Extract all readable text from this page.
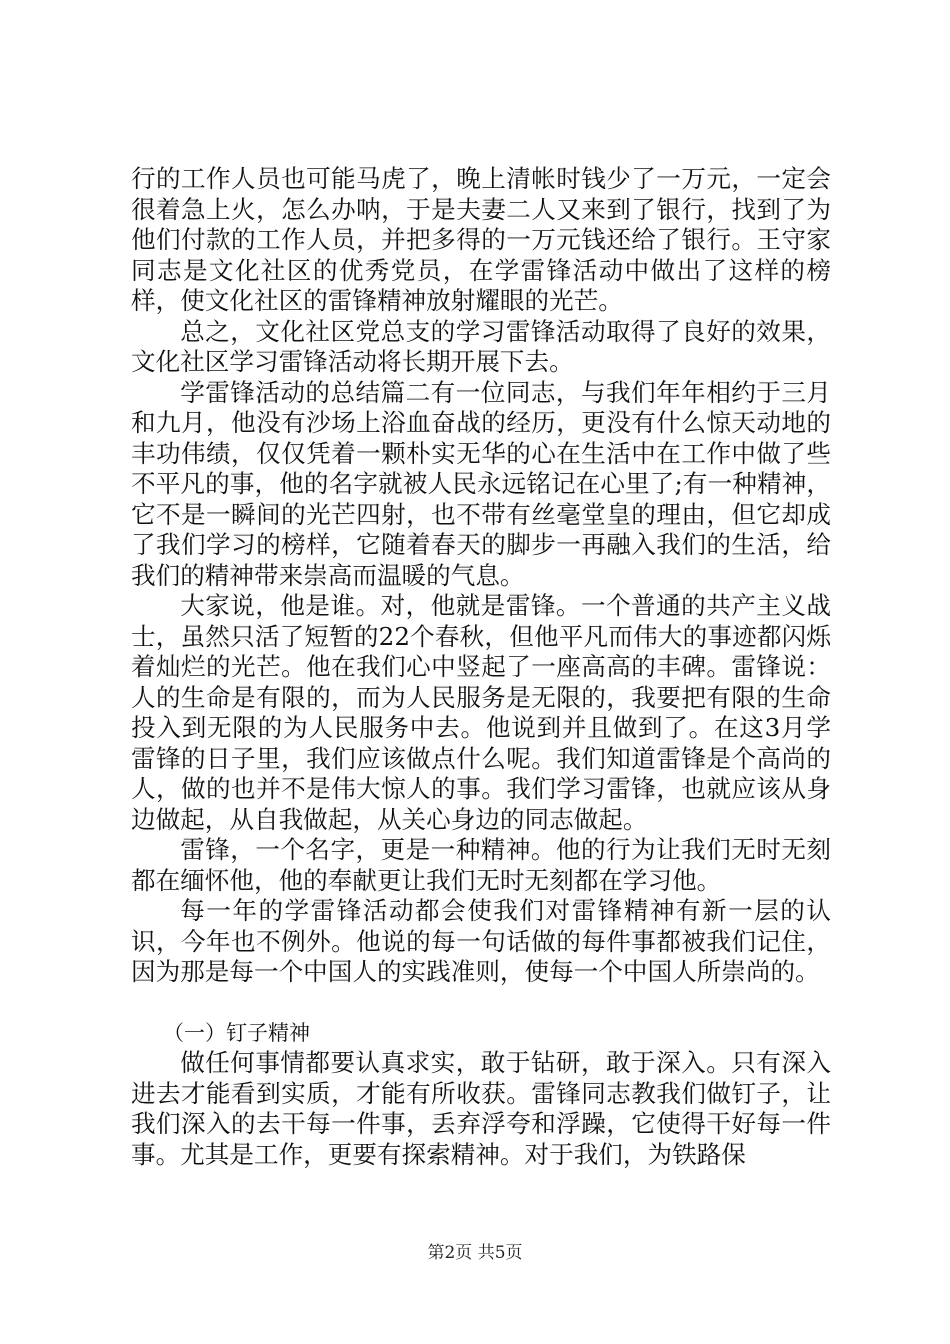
行的工作人员也可能马虎了，晚上清帐时钱少了一万元，一定会很着急上火，怎么办呐，于是夫妻二人又来到了银行，找到了为他们付款的工作人员，并把多得的一万元钱还给了银行。王守家同志是文化社区的优秀党员，在学雷锋活动中做出了这样的榜样，使文化社区的雷锋精神放射耀眼的光芒。

总之，文化社区党总支的学习雷锋活动取得了良好的效果，文化社区学习雷锋活动将长期开展下去。

学雷锋活动的总结篇二有一位同志，与我们年年相约于三月和九月，他没有沙场上浴血奋战的经历，更没有什么惊天动地的丰功伟绩，仅仅凭着一颗朴实无华的心在生活中在工作中做了些不平凡的事，他的名字就被人民永远铭记在心里了;有一种精神，它不是一瞬间的光芒四射，也不带有丝毫堂皇的理由，但它却成了我们学习的榜样，它随着春天的脚步一再融入我们的生活，给我们的精神带来崇高而温暖的气息。

大家说，他是谁。对，他就是雷锋。一个普通的共产主义战士，虽然只活了短暂的22个春秋，但他平凡而伟大的事迹都闪烁着灿烂的光芒。他在我们心中竖起了一座高高的丰碑。雷锋说：人的生命是有限的，而为人民服务是无限的，我要把有限的生命投入到无限的为人民服务中去。他说到并且做到了。在这3月学雷锋的日子里，我们应该做点什么呢。我们知道雷锋是个高尚的人，做的也并不是伟大惊人的事。我们学习雷锋，也就应该从身边做起，从自我做起，从关心身边的同志做起。

雷锋，一个名字，更是一种精神。他的行为让我们无时无刻都在缅怀他，他的奉献更让我们无时无刻都在学习他。

每一年的学雷锋活动都会使我们对雷锋精神有新一层的认识，今年也不例外。他说的每一句话做的每件事都被我们记住，因为那是每一个中国人的实践准则，使每一个中国人所崇尚的。

（一）钉子精神

做任何事情都要认真求实，敢于钻研，敢于深入。只有深入进去才能看到实质，才能有所收获。雷锋同志教我们做钉子，让我们深入的去干每一件事，丢弃浮夸和浮躁，它使得干好每一件事。尤其是工作，更要有探索精神。对于我们，为铁路保

第2页 共5页
